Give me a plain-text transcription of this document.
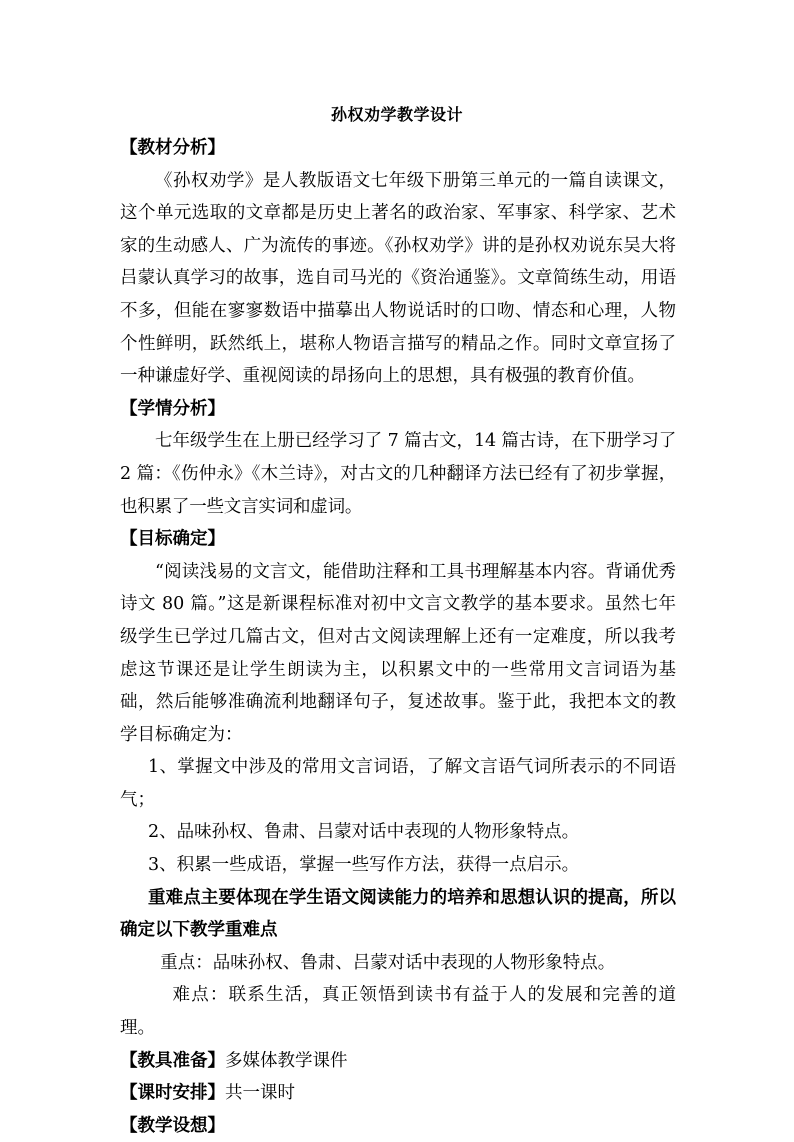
孙权劝学教学设计

【教材分析】

《孙权劝学》是人教版语文七年级下册第三单元的一篇自读课文，这个单元选取的文章都是历史上著名的政治家、军事家、科学家、艺术家的生动感人、广为流传的事迹。《孙权劝学》讲的是孙权劝说东吴大将吕蒙认真学习的故事，选自司马光的《资治通鉴》。文章简练生动，用语不多，但能在寥寥数语中描摹出人物说话时的口吻、情态和心理，人物个性鲜明，跃然纸上，堪称人物语言描写的精品之作。同时文章宣扬了一种谦虚好学、重视阅读的昂扬向上的思想，具有极强的教育价值。

【学情分析】

七年级学生在上册已经学习了 7 篇古文，14 篇古诗，在下册学习了 2 篇：《伤仲永》《木兰诗》，对古文的几种翻译方法已经有了初步掌握，也积累了一些文言实词和虚词。

【目标确定】

“阅读浅易的文言文，能借助注释和工具书理解基本内容。背诵优秀诗文 80 篇。”这是新课程标准对初中文言文教学的基本要求。虽然七年级学生已学过几篇古文，但对古文阅读理解上还有一定难度，所以我考虑这节课还是让学生朗读为主，以积累文中的一些常用文言词语为基础，然后能够准确流利地翻译句子，复述故事。鉴于此，我把本文的教学目标确定为：

1、掌握文中涉及的常用文言词语，了解文言语气词所表示的不同语气；

2、品味孙权、鲁肃、吕蒙对话中表现的人物形象特点。

3、积累一些成语，掌握一些写作方法，获得一点启示。

重难点主要体现在学生语文阅读能力的培养和思想认识的提高，所以确定以下教学重难点

重点：品味孙权、鲁肃、吕蒙对话中表现的人物形象特点。

难点：联系生活，真正领悟到读书有益于人的发展和完善的道理。

【教具准备】多媒体教学课件

【课时安排】共一课时

【教学设想】
